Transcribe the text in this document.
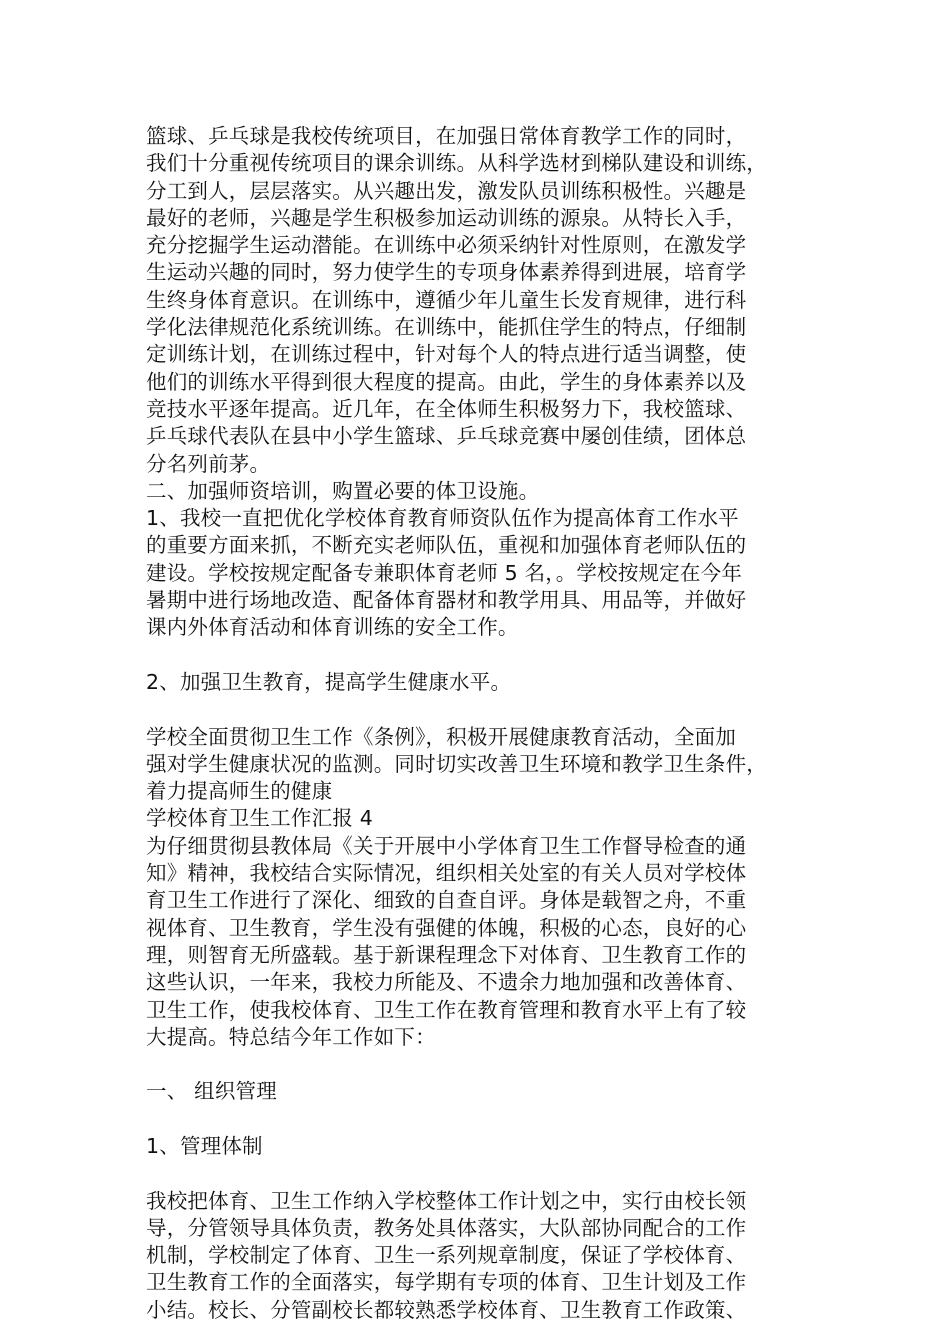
篮球、乒乓球是我校传统项目，在加强日常体育教学工作的同时，
我们十分重视传统项目的课余训练。从科学选材到梯队建设和训练，
分工到人，层层落实。从兴趣出发，激发队员训练积极性。兴趣是
最好的老师，兴趣是学生积极参加运动训练的源泉。从特长入手，
充分挖掘学生运动潜能。在训练中必须采纳针对性原则，在激发学
生运动兴趣的同时，努力使学生的专项身体素养得到进展，培育学
生终身体育意识。在训练中，遵循少年儿童生长发育规律，进行科
学化法律规范化系统训练。在训练中，能抓住学生的特点，仔细制
定训练计划，在训练过程中，针对每个人的特点进行适当调整，使
他们的训练水平得到很大程度的提高。由此，学生的身体素养以及
竞技水平逐年提高。近几年，在全体师生积极努力下，我校篮球、
乒乓球代表队在县中小学生篮球、乒乓球竞赛中屡创佳绩，团体总
分名列前茅。
二、加强师资培训，购置必要的体卫设施。
1、我校一直把优化学校体育教育师资队伍作为提高体育工作水平
的重要方面来抓，不断充实老师队伍，重视和加强体育老师队伍的
建设。学校按规定配备专兼职体育老师 5 名，。学校按规定在今年
暑期中进行场地改造、配备体育器材和教学用具、用品等，并做好
课内外体育活动和体育训练的安全工作。
2、加强卫生教育，提高学生健康水平。
学校全面贯彻卫生工作《条例》，积极开展健康教育活动，全面加
强对学生健康状况的监测。同时切实改善卫生环境和教学卫生条件，
着力提高师生的健康
学校体育卫生工作汇报 4
为仔细贯彻县教体局《关于开展中小学体育卫生工作督导检查的通
知》精神，我校结合实际情况，组织相关处室的有关人员对学校体
育卫生工作进行了深化、细致的自查自评。身体是载智之舟，不重
视体育、卫生教育，学生没有强健的体魄，积极的心态，良好的心
理，则智育无所盛载。基于新课程理念下对体育、卫生教育工作的
这些认识，一年来，我校力所能及、不遗余力地加强和改善体育、
卫生工作，使我校体育、卫生工作在教育管理和教育水平上有了较
大提高。特总结今年工作如下：
一、 组织管理
1、管理体制
我校把体育、卫生工作纳入学校整体工作计划之中，实行由校长领
导，分管领导具体负责，教务处具体落实，大队部协同配合的工作
机制，学校制定了体育、卫生一系列规章制度，保证了学校体育、
卫生教育工作的全面落实，每学期有专项的体育、卫生计划及工作
小结。校长、分管副校长都较熟悉学校体育、卫生教育工作政策、
